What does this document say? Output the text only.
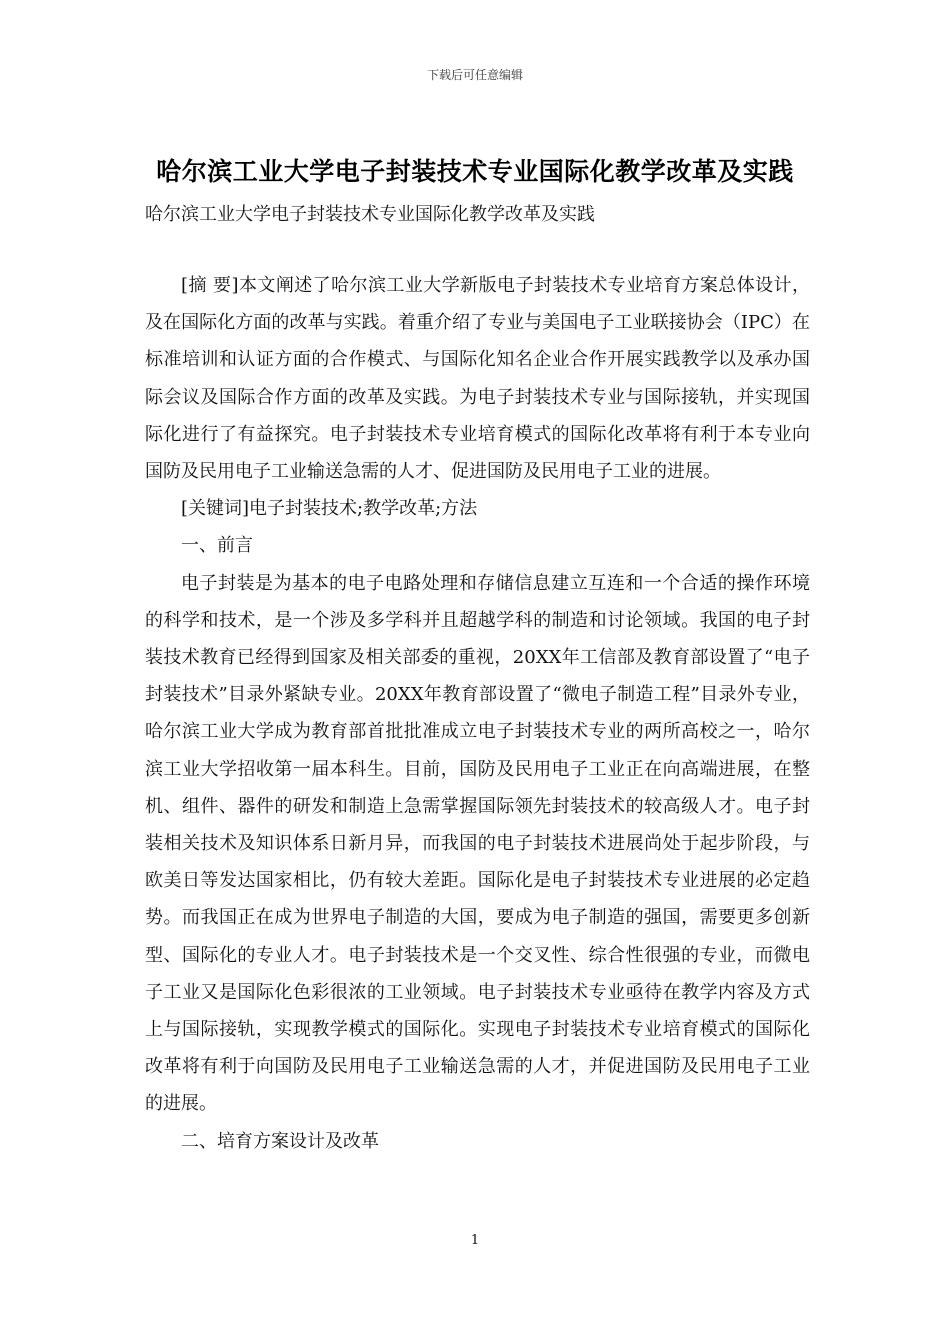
下载后可任意编辑
哈尔滨工业大学电子封装技术专业国际化教学改革及实践
哈尔滨工业大学电子封装技术专业国际化教学改革及实践

[摘 要]本文阐述了哈尔滨工业大学新版电子封装技术专业培育方案总体设计，及在国际化方面的改革与实践。着重介绍了专业与美国电子工业联接协会（IPC）在标准培训和认证方面的合作模式、与国际化知名企业合作开展实践教学以及承办国际会议及国际合作方面的改革及实践。为电子封装技术专业与国际接轨，并实现国际化进行了有益探究。电子封装技术专业培育模式的国际化改革将有利于本专业向国防及民用电子工业输送急需的人才、促进国防及民用电子工业的进展。

[关键词]电子封装技术;教学改革;方法

一、前言

电子封装是为基本的电子电路处理和存储信息建立互连和一个合适的操作环境的科学和技术，是一个涉及多学科并且超越学科的制造和讨论领域。我国的电子封装技术教育已经得到国家及相关部委的重视，20XX年工信部及教育部设置了“电子封装技术”目录外紧缺专业。20XX年教育部设置了“微电子制造工程”目录外专业，哈尔滨工业大学成为教育部首批批准成立电子封装技术专业的两所高校之一，哈尔滨工业大学招收第一届本科生。目前，国防及民用电子工业正在向高端进展，在整机、组件、器件的研发和制造上急需掌握国际领先封装技术的较高级人才。电子封装相关技术及知识体系日新月异，而我国的电子封装技术进展尚处于起步阶段，与欧美日等发达国家相比，仍有较大差距。国际化是电子封装技术专业进展的必定趋势。而我国正在成为世界电子制造的大国，要成为电子制造的强国，需要更多创新型、国际化的专业人才。电子封装技术是一个交叉性、综合性很强的专业，而微电子工业又是国际化色彩很浓的工业领域。电子封装技术专业亟待在教学内容及方式上与国际接轨，实现教学模式的国际化。实现电子封装技术专业培育模式的国际化改革将有利于向国防及民用电子工业输送急需的人才，并促进国防及民用电子工业的进展。

二、培育方案设计及改革

1
